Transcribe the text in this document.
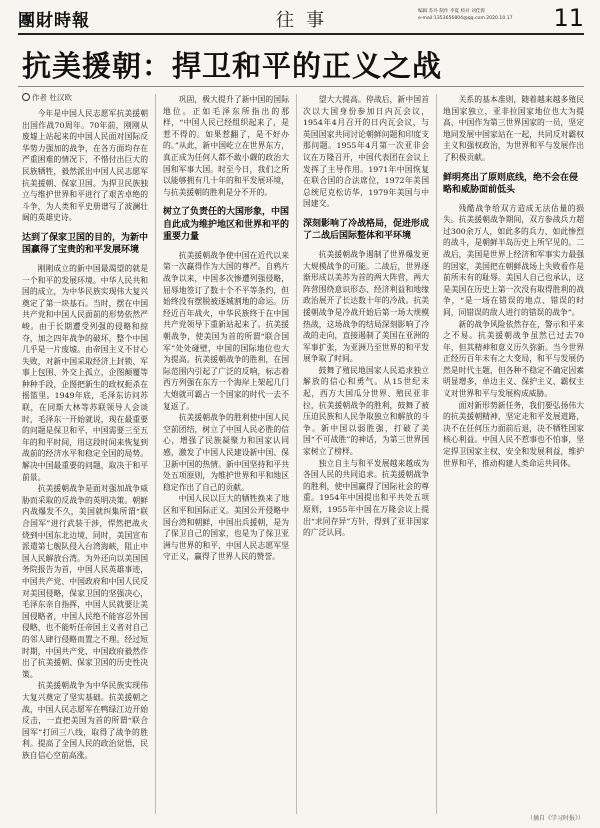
團財時報	往事	编辑 苏丹 制作 李夏 校对 刘佳蓉
e-mail:1353656804@qq.com 2020.10.17	11
抗美援朝：捍卫和平的正义之战
作者 杜汉欧

今年是中国人民志愿军抗美援朝出国作战70周年。70年前，刚刚从废墟上站起来的中国人民面对国际反华势力强加的战争，在各方面均存在严重困难的情况下，不惜付出巨大的民族牺牲，毅然派出中国人民志愿军抗美援朝、保家卫国。为捍卫民族独立与维护世界和平进行了艰苦卓绝的斗争，为人类和平史册谱写了波澜壮阔的英雄史诗。

达到了保家卫国的目的，为新中国赢得了宝贵的和平发展环境

刚刚成立的新中国最渴望的就是一个和平的发展环境。中华人民共和国的成立，为中华民族实现伟大复兴奠定了第一块基石。当时，摆在中国共产党和中国人民面前的形势依然严峻。由于长期遭受列强的侵略和掠夺，加之四年战争的破坏，整个中国几乎是一片废墟。由帝国主义不甘心失败，对新中国采取经济上封锁、军事上包围、外交上孤立，企图颠覆等种种手段，企图把新生的政权扼杀在摇篮里。1949年底，毛泽东访问苏联，在同斯大林等苏联领导人会谈时，毛泽东一开始就说，现在最重要的问题是保卫和平，中国需要三至五年的和平时间，用这段时间来恢复到战前的经济水平和稳定全国的局势。解决中国最重要的问题，取决于和平前景。

抗美援朝战争是面对强加战争威胁而采取的反战争的英明决策。朝鲜内战爆发不久，美国就纠集所谓“联合国军”进行武装干涉，悍然把战火烧到中国东北边境，同时，美国宣布派遣第七舰队侵入台湾海峡，阻止中国人民解放台湾。为外还向以美国国务院报告为首，中国人民英雄事迹，中国共产党、中国政府和中国人民反对美国侵略，保家卫国的坚强决心，毛泽东亲自指挥，中国人民就要让美国侵略者，中国人民绝不能容忍外国侵略，也不能听任帝国主义者对自己的邻人肆行侵略而置之不理。经过短时期，中国共产党、中国政府毅然作出了抗美援朝、保家卫国的历史性决策。

抗美援朝战争为中华民族实现伟大复兴奠定了坚实基础。抗美援朝之战，中国人民志愿军在鸭绿江边开始反击，一直把美国为首的所谓“联合国军”打回三八线，取得了战争的胜利。提高了全国人民的政治觉悟，民族自信心空前高涨。

巩固，极大提升了新中国的国际地位。正如毛泽东所指出的那样，“中国人民已经组织起来了，是惹不得的。如果惹翻了，是不好办的。”从此，新中国屹立在世界东方，真正成为任何人都不敢小觑的政治大国和军事大国。时至今日，我们之所以能够拥有几十年的和平发展环境，与抗美援朝的胜利是分不开的。

树立了负责任的大国形象，中国自此成为维护地区和世界和平的重要力量

抗美援朝战争使中国在近代以来第一次赢得作为大国的尊严。自鸦片战争以来，中国多次惨遭列强侵略，屈辱地签订了数十个不平等条约，但始终没有摆脱被逐城割地的命运。历经近百年战火，中华民族终于在中国共产党领导下重新站起来了。抗美援朝战争，使美国为首的所谓“联合国军”处处碰壁，中国的国际地位也大为提高。抗美援朝战争的胜利，在国际范围内引起了广泛的反响，标志着西方列强在东方一个海岸上架起几门大炮就可霸占一个国家的时代一去不复返了。

抗美援朝战争的胜利使中国人民空前团结，树立了中国人民必胜的信心，增强了民族凝聚力和国家认同感，激发了中国人民建设新中国、保卫新中国的热情。新中国坚持和平共处五项原则，为维护世界和平和地区稳定作出了自己的贡献。

中国人民以巨大的牺牲换来了地区和平和国际正义。美国公开侵略中国台湾和朝鲜，中国出兵援朝，是为了保卫自己的国家，也是为了保卫亚洲与世界的和平，中国人民志愿军坚守正义，赢得了世界人民的赞誉。

望大大提高。停战后，新中国首次以大国身份参加日内瓦会议，1954年4月召开的日内瓦会议，与英国国家共同讨论朝鲜问题和印度支那问题。1955年4月第一次亚非会议在万隆召开，中国代表团在会议上发挥了主导作用。1971年中国恢复在联合国的合法席位，1972年美国总统尼克松访华，1979年美国与中国建交。

深刻影响了冷战格局，促进形成了二战后国际整体和平环境

抗美援朝战争遏制了世界爆发更大规模战争的可能。二战后，世界逐渐形成以美苏为首的两大阵营，两大阵营围绕意识形态、经济利益和地缘政治展开了长达数十年的冷战。抗美援朝战争是冷战开始后第一场大规模热战，这场战争的结局深刻影响了冷战的走向，直接遏制了美国在亚洲的军事扩张，为亚洲乃至世界的和平发展争取了时间。

鼓舞了殖民地国家人民追求独立解放的信心和勇气。从15世纪末起，西方大国瓜分世界、殖民亚非拉，抗美援朝战争的胜利，鼓舞了被压迫民族和人民争取独立和解放的斗争。新中国以弱胜强，打破了美国“不可战胜”的神话，为第三世界国家树立了榜样。

独立自主与和平发展越来越成为各国人民的共同追求。抗美援朝战争的胜利，使中国赢得了国际社会的尊重。1954年中国提出和平共处五项原则，1955年中国在万隆会议上提出“求同存异”方针，得到了亚非国家的广泛认同。

关系的基本准则，随着越来越多殖民地国家独立，亚非拉国家地位也大为提高，中国作为第三世界国家的一员，坚定地同发展中国家站在一起，共同反对霸权主义和强权政治，为世界和平与发展作出了积极贡献。

鲜明亮出了原则底线，绝不会在侵略和威胁面前低头

残酷战争给双方造成无法估量的损失。抗美援朝战争期间，双方参战兵力超过300余万人，如此多的兵力、如此惨烈的战斗，是朝鲜半岛历史上所罕见的。二战后，美国是世界上经济和军事实力最强的国家，美国把在朝鲜战场上失败看作是前所未有的耻辱。美国人自己也承认，这是美国在历史上第一次没有取得胜利的战争，“是一场在错误的地点、错误的时间，同错误的敌人进行的错误的战争”。

新的战争风险依然存在，警示和平来之不易。抗美援朝战争虽然已过去70年，但其精神和意义历久弥新。当今世界正经历百年未有之大变局，和平与发展仍然是时代主题，但各种不稳定不确定因素明显增多，单边主义、保护主义、霸权主义对世界和平与发展构成威胁。

面对新形势新任务，我们要弘扬伟大的抗美援朝精神，坚定走和平发展道路，决不在任何压力面前后退，决不牺牲国家核心利益。中国人民不惹事也不怕事，坚定捍卫国家主权、安全和发展利益，维护世界和平，推动构建人类命运共同体。

（摘自《学习时报》）
